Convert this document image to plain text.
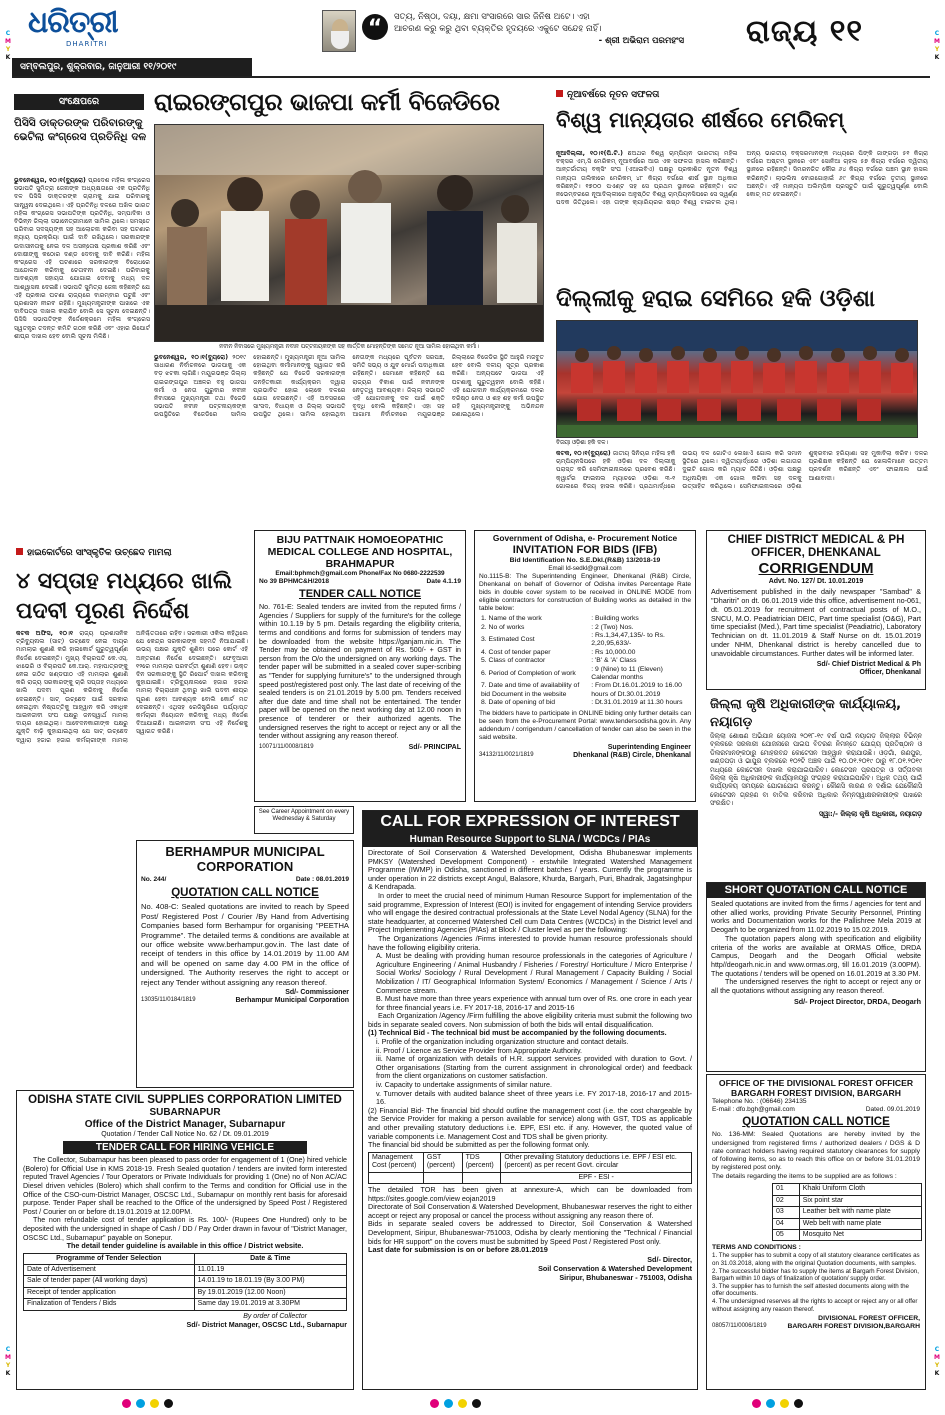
ଧରିତ୍ରୀ
DHARITRI
“	ସତ୍ୟ, ନିଷ୍ଠା, ଦୟା, କ୍ଷମା ସଂସାରରେ ସାର ଜିନିଷ ଅଟେ। ଏହା
ଆଚରଣ କରୁ କରୁ ଥିବା ବ୍ୟକ୍ତିର ହୃଦୟରେ ଏକୁଟେ ସନ୍ଦେହ ନାହିଁ।
- ଶ୍ରୀ ଅଭିରାମ ପରମହଂସ ରାଜ୍ୟ ୧୧
ସମ୍ବଲପୁର, ଶୁକ୍ରବାର, ଜାନୁଆରୀ ୧୧/୨୦୧୯
C
M
Y
K
C
M
Y
K
C
M
Y
K
C
M
Y
K
ସଂକ୍ଷେପରେ
ପିସିସି ଡାକ୍ତରଙ୍କ ପରିବାରଙ୍କୁ ଭେଟିଲା କଂଗ୍ରେସ ପ୍ରତିନିଧି ଦଳ
ଭୁବନେଶ୍ୱର, ୧୦।୧(ବ୍ୟୁରୋ) ପ୍ରଦେଶ ମହିଳା କଂଗ୍ରେସ ସଭାପତି ସୁମିତ୍ରା ଜେନାଙ୍କ ଅଧ୍ୟକ୍ଷତାରେ ଏକ ପ୍ରତିନିଧି ଦଳ ପିସିସି ଡାକ୍ତରଙ୍କ ଗ୍ରାମକୁ ଯାଇ ପରିବାରକୁ ସାନ୍ତ୍ୱନା ଦେଇଥିଲେ। ଏହି ପ୍ରତିନିଧି ଦଳରେ ଅଖିଳ ଭାରତ ମହିଳା କଂଗ୍ରେସ ସଭାପତିଙ୍କ ପ୍ରତିନିଧି, ସମ୍ପାଦିକା ଓ ବିଭିନ୍ନ ଜିଲ୍ଲା ସଭାନେତ୍ରୀମାନେ ସାମିଲ ଥିଲେ। ସମସ୍ତେ ପରିବାର ସଦସ୍ୟଙ୍କ ସହ ଆଲୋଚନା କରିବା ସହ ଘଟଣାର ନ୍ୟାୟ ପ୍ରକ୍ରିୟା ପାଇଁ ଦାବି ରଖିଥିଲେ। ସରକାରଙ୍କ ଉଦାସୀନତାକୁ ନେଇ ଦଳ ଅସନ୍ତୋଷ ପ୍ରକାଶ କରିଛି ଏବଂ ଦୋଷୀଙ୍କୁ କଠୋର ଦଣ୍ଡ ଦେବାକୁ ଦାବି କରିଛି। ମହିଳା କଂଗ୍ରେସ ଏହି ଘଟଣାରେ ସରକାରଙ୍କ ବିରୋଧରେ ଆନ୍ଦୋଳନ କରିବାକୁ ଚେତାବନୀ ଦେଇଛି। ପରିବାରକୁ ଆବଶ୍ୟକ ସହାୟତା ଯୋଗାଇ ଦେବାକୁ ମଧ୍ୟ ଦଳ ଆଶ୍ୱାସନା ଦେଇଛି। ସଭାପତି ସୁମିତ୍ରା ଜେନା କହିଛନ୍ତି ଯେ ଏହି ପ୍ରକାର ଘଟଣା ରାଜ୍ୟରେ ବାରମ୍ବାର ଘଟୁଛି ଏବଂ ପ୍ରଶାସନ ନୀରବ ରହିଛି। ମୁଖ୍ୟମନ୍ତ୍ରୀଙ୍କ ପାଖରେ ଏକ ଦାବିପତ୍ର ଦାଖଲ କରାଯିବ ବୋଲି ସେ ସୂଚନା ଦେଇଛନ୍ତି। ପିସିସି ସଭାପତିଙ୍କ ନିର୍ଦ୍ଦେଶକ୍ରମେ ମହିଳା କଂଗ୍ରେସ ସ୍ୱତନ୍ତ୍ର ତଦନ୍ତ କମିଟି ଗଠନ କରିଛି ଏବଂ ଏହାର ରିପୋର୍ଟ ଶୀଘ୍ର ଦାଖଲ ହେବ ବୋଲି ସୂଚନା ମିଳିଛି।
ରାଇରଙ୍ଗପୁର ଭାଜପା କର୍ମୀ ବିଜେଡିରେ
ନବୀନ ନିବାସରେ ମୁଖ୍ୟମନ୍ତ୍ରୀ ନବୀନ ପଟ୍ଟନାୟକଙ୍କ ସହ କାର୍ତ୍ତିକ ମୋହନ୍ତିଙ୍କ ସମେତ ନୂଆ ସାମିଲ ହୋଇଥିବା କର୍ମୀ।
ଭୁବନେଶ୍ୱର, ୧୦।୧(ବ୍ୟୁରୋ) ୨୦୧୯ ସାଧାରଣ ନିର୍ବାଚନରେ ଭାଜପାକୁ ଏକ ବଡ଼ ଝଟକା ଲାଗିଛି। ମୟୂରଭଞ୍ଜ ଜିଲ୍ଲା ରାଇରଙ୍ଗପୁର ଅଞ୍ଚଳର ବହୁ ଭାଜପା କର୍ମୀ ଓ ନେତା ଗୁରୁବାର ନବୀନ ନିବାସରେ ମୁଖ୍ୟମନ୍ତ୍ରୀ ତଥା ବିଜେଡି ସଭାପତି ନବୀନ ପଟ୍ଟନାୟକଙ୍କ ଉପସ୍ଥିତିରେ ବିଜେଡିରେ ସାମିଲ ହୋଇଛନ୍ତି। ମୁଖ୍ୟମନ୍ତ୍ରୀ ନୂଆ ସାମିଲ ହୋଇଥିବା କର୍ମୀମାନଙ୍କୁ ସ୍ୱାଗତ କରି କହିଛନ୍ତି ଯେ ବିଜେଡି ସରକାରଙ୍କ ଜନହିତକାରୀ କାର୍ଯ୍ୟକ୍ରମ ଦ୍ୱାରା ପ୍ରଭାବିତ ହୋଇ ଲୋକେ ଦଳରେ ଯୋଗ ଦେଉଛନ୍ତି। ଏହି ଅବସରରେ ସାଂସଦ, ବିଧାୟକ ଓ ଜିଲ୍ଲା ସଭାପତି ଉପସ୍ଥିତ ଥିଲେ। ସାମିଲ ହୋଇଥିବା ନେତାଙ୍କ ମଧ୍ୟରେ ପୂର୍ବତନ ସରପଞ୍ଚ, ସମିତି ସଭ୍ୟ ଓ ଯୁବ ମୋର୍ଚ୍ଚା ପଦାଧିକାରୀ ରହିଛନ୍ତି। ସେମାନେ କହିଛନ୍ତି ଯେ ରାଜ୍ୟର ବିକାଶ ପାଇଁ ନବୀନଙ୍କ ନେତୃତ୍ୱ ଆବଶ୍ୟକ। ଜିଲ୍ଲା ସଭାପତି ଏହି ଯୋଗଦାନକୁ ଦଳ ପାଇଁ ଶକ୍ତି ବୃଦ୍ଧି ବୋଲି କହିଛନ୍ତି। ଏହା ସହ ଆଗାମୀ ନିର୍ବାଚନରେ ମୟୂରଭଞ୍ଜ ଜିଲ୍ଲାରେ ବିଜେଡିର ସ୍ଥିତି ଆହୁରି ମଜବୁତ ହେବ ବୋଲି ଦଳୀୟ ସୂତ୍ର ପ୍ରକାଶ କରିଛି। ଅନ୍ୟପଟେ ଭାଜପା ଏହି ଘଟଣାକୁ ଗୁରୁତ୍ୱହୀନ ବୋଲି କହିଛି। ଏହି ଯୋଗଦାନ କାର୍ଯ୍ୟକ୍ରମରେ ଦଳର ବରିଷ୍ଠ ନେତା ଓ ଶହ ଶହ କର୍ମୀ ଉପସ୍ଥିତ ରହି ମୁଖ୍ୟମନ୍ତ୍ରୀଙ୍କୁ ଅଭିନନ୍ଦନ ଜଣାଇଥିଲେ।
ନୂଆବର୍ଷରେ ନୂତନ ସଫଳତା
ବିଶ୍ୱ ମାନ୍ୟତାର ଶୀର୍ଷରେ ମେରିକମ୍
ନୂଆଦିଲ୍ଲୀ, ୧୦।୧(ପି.ଟି.) ଛଅଥର ବିଶ୍ୱ ଚାମ୍ପିୟନ ଭାରତୀୟ ମହିଳା ବକ୍ସର ଏମ୍.ସି ମେରିକମ୍ ନୂଆବର୍ଷରେ ଆଉ ଏକ ସଫଳତା ହାସଲ କରିଛନ୍ତି। ଆନ୍ତର୍ଜାତୀୟ ବକ୍ସିଂ ସଂଘ (ଏଆଇବିଏ) ପକ୍ଷରୁ ପ୍ରକାଶିତ ନୂତନ ବିଶ୍ୱ ମାନ୍ୟତା ତାଲିକାରେ ମେରିକମ୍ ୪୮ କିଗ୍ରା ବର୍ଗରେ ଶୀର୍ଷ ସ୍ଥାନ ଅଧିକାର କରିଛନ୍ତି। ୧୭୦୦ ପଏଣ୍ଟ ସହ ସେ ପ୍ରଥମ ସ୍ଥାନରେ ରହିଛନ୍ତି। ଗତ ନଭେମ୍ବରରେ ନୂଆଦିଲ୍ଲୀରେ ଅନୁଷ୍ଠିତ ବିଶ୍ୱ ଚାମ୍ପିୟନସିପରେ ସେ ସ୍ୱର୍ଣ୍ଣ ପଦକ ଜିତିଥିଲେ। ଏହା ତାଙ୍କ କ୍ୟାରିୟରର ଷଷ୍ଠ ବିଶ୍ୱ ଟାଇଟଲ ଥିଲା। ଅନ୍ୟ ଭାରତୀୟ ବକ୍ସରମାନଙ୍କ ମଧ୍ୟରେ ପିଙ୍କି ଜାଙ୍ଗଡ଼ା ୫୧ କିଗ୍ରା ବର୍ଗରେ ଅଷ୍ଟମ ସ୍ଥାନରେ ଏବଂ ସୋନିଆ ଚାହଲ ୫୭ କିଗ୍ରା ବର୍ଗରେ ଦ୍ୱିତୀୟ ସ୍ଥାନରେ ରହିଛନ୍ତି। ସିମରନଜିତ କୌର ୬୪ କିଗ୍ରା ବର୍ଗରେ ପଞ୍ଚମ ସ୍ଥାନ ହାସଲ କରିଛନ୍ତି। ଲାଭଲିନା ବୋରଗୋହାଇଁ ୬୯ କିଗ୍ରା ବର୍ଗରେ ତୃତୀୟ ସ୍ଥାନରେ ଅଛନ୍ତି। ଏହି ମାନ୍ୟତା ଅଲିମ୍ପିକ ପ୍ରସ୍ତୁତି ପାଇଁ ଗୁରୁତ୍ୱପୂର୍ଣ୍ଣ ବୋଲି କୋଚ୍ ମତ ଦେଇଛନ୍ତି।
ଦିଲ୍ଲୀକୁ ହରାଇ ସେମିରେ ହକି ଓଡ଼ିଶା
ବିଜୟୀ ଓଡ଼ିଶା ହକି ଦଳ।
କଟକ, ୧୦।୧(ବ୍ୟୁରୋ) ଜାତୀୟ ସିନିୟର ମହିଳା ହକି ଚାମ୍ପିୟନସିପରେ ହକି ଓଡ଼ିଶା ଦଳ ଦିଲ୍ଲୀକୁ ପରାସ୍ତ କରି ସେମିଫାଇନାଲରେ ପ୍ରବେଶ କରିଛି। କ୍ୱାର୍ଟର ଫାଇନାଲ ମ୍ୟାଚରେ ଓଡ଼ିଶା ୩-୧ ଗୋଲରେ ବିଜୟ ହାସଲ କରିଛି। ପ୍ରଥମାର୍ଦ୍ଧରେ ଉଭୟ ଦଳ ଗୋଟିଏ ଲେଖାଏଁ ଗୋଲ କରି ସମାନ ସ୍ଥିତିରେ ଥିଲେ। ଦ୍ୱିତୀୟାର୍ଦ୍ଧରେ ଓଡ଼ିଶା ଲଗାତାର ଦୁଇଟି ଗୋଲ କରି ମ୍ୟାଚ ଜିତିଛି। ଓଡ଼ିଶା ପକ୍ଷରୁ ଅଧିନାୟିକା ଏକ ଗୋଲ କରିବା ସହ ଦଳକୁ ଉତ୍ସାହିତ କରିଥିଲେ। ସେମିଫାଇନାଲରେ ଓଡ଼ିଶା ଶୁକ୍ରବାର ହରିୟାଣା ସହ ମୁକାବିଲା କରିବ। ଦଳର ପ୍ରଶିକ୍ଷକ କହିଛନ୍ତି ଯେ ଖେଳାଳିମାନେ ଉତ୍ତମ ପ୍ରଦର୍ଶନ କରିଛନ୍ତି ଏବଂ ଫାଇନାଲ ପାଇଁ ଆଶାବାଦୀ।
ହାଇକୋର୍ଟରେ ସାଂସ୍କୃତିକ ଉଚ୍ଛେଦ ମାମଲା
୪ ସପ୍ତାହ ମଧ୍ୟରେ ଖାଲି ପଦବୀ ପୂରଣ ନିର୍ଦ୍ଦେଶ
କଟକ ଅଫିସ, ୧୦।୧ ରାଜ୍ୟ ପ୍ରଶାସନିକ ଟ୍ରିବ୍ୟୁନାଲ (ସାଟ୍) ଉଚ୍ଛେଦ ନେଇ ଦାୟର ମାମଲାର ଶୁଣାଣି କରି ହାଇକୋର୍ଟ ଗୁରୁତ୍ୱପୂର୍ଣ୍ଣ ନିର୍ଦ୍ଦେଶ ଦେଇଛନ୍ତି। ମୁଖ୍ୟ ବିଚାରପତି କେ.ଏସ୍. ଝାଭେରି ଓ ବିଚାରପତି କେ.ଆର୍. ମହାପାତ୍ରଙ୍କୁ ନେଇ ଗଠିତ ଖଣ୍ଡପୀଠ ଏହି ମାମଲାର ଶୁଣାଣି କରି ରାଜ୍ୟ ସରକାରଙ୍କୁ ଚାରି ସପ୍ତାହ ମଧ୍ୟରେ ଖାଲି ପଦବୀ ପୂରଣ କରିବାକୁ ନିର୍ଦ୍ଦେଶ ଦେଇଛନ୍ତି। ସାଟ୍ ଉଚ୍ଛେଦ ପାଇଁ ସରକାର ନେଇଥିବା ନିଷ୍ପତ୍ତିକୁ ଆହ୍ୱାନ କରି ଏକାଧିକ ଆଇନଜୀବୀ ସଂଘ ପକ୍ଷରୁ ଜନସ୍ୱାର୍ଥ ମାମଲା ଦାୟର ହୋଇଥିଲା। ଆବେଦନକାରୀଙ୍କ ପକ୍ଷରୁ ଯୁକ୍ତି ବାଢ଼ି କୁହାଯାଇଥିଲା ଯେ ସାଟ୍ ଉଚ୍ଛେଦ ଦ୍ୱାରା ହଜାର ହଜାର କର୍ମଚାରୀଙ୍କ ମାମଲା ଅନିଶ୍ଚିତତାରେ ରହିବ। ସରକାରୀ ଓକିଲ କହିଥିଲେ ଯେ କେନ୍ଦ୍ର ସରକାରଙ୍କ ସହମତି ନିଆଯାଇଛି। ଉଭୟ ପକ୍ଷର ଯୁକ୍ତି ଶୁଣିବା ପରେ କୋର୍ଟ ଏହି ଅନ୍ତରୀଣ ନିର୍ଦ୍ଦେଶ ଦେଇଛନ୍ତି। ଫେବୃଆରୀ ୧୨ରେ ମାମଲାର ପରବର୍ତ୍ତୀ ଶୁଣାଣି ହେବ। ଉକ୍ତ ଦିନ ସରକାରଙ୍କୁ ସ୍ଥିତି ରିପୋର୍ଟ ଦାଖଲ କରିବାକୁ କୁହାଯାଇଛି। ଟ୍ରିବ୍ୟୁନାଲରେ ହଜାର ହଜାର ମାମଲା ବିଚାରାଧୀନ ଥିବାରୁ ଖାଲି ପଦବୀ ଶୀଘ୍ର ପୂରଣ ହେବା ଆବଶ୍ୟକ ବୋଲି କୋର୍ଟ ମତ ଦେଇଛନ୍ତି। ଏଥିସହ ରେଜିଷ୍ଟ୍ରିରେ ପର୍ଯ୍ୟାପ୍ତ କର୍ମଚାରୀ ନିୟୋଜନ କରିବାକୁ ମଧ୍ୟ ନିର୍ଦ୍ଦେଶ ଦିଆଯାଇଛି। ଆଇନଜୀବୀ ସଂଘ ଏହି ନିର୍ଦ୍ଦେଶକୁ ସ୍ୱାଗତ କରିଛି।
BIJU PATTNAIK HOMOEOPATHIC MEDICAL COLLEGE AND HOSPITAL, BRAHMAPUR
Email:bphmch@gmail.com Phone/Fax No 0680-2222539
No 39 BPHMC&H/2018	Date 4.1.19
TENDER CALL NOTICE
No. 761-E: Sealed tenders are invited from the reputed firms / Agencies / Suppliers for supply of the furniture's for the college within 10.1.19 by 5 pm. Details regarding the eligibility criteria, terms and conditions and forms for submission of tenders may be downloaded from the website https://ganjam.nic.in. The Tender may be obtained on payment of Rs. 500/- + GST in person from the O/o the undersigned on any working days. The tender paper will be submitted in a sealed cover super-scribing as "Tender for supplying furniture's" to the undersigned through speed post/registered post only. The last date of receiving of the sealed tenders is on 21.01.2019 by 5.00 pm. Tenders received after due date and time shall not be entertained. The tender paper will be opened on the next working day at 12.00 noon in presence of tenderer or their authorized agents. The undersigned reserves the right to accept or reject any or all the tender without assigning any reason thereof.
10071/11/0008/1819	Sd/- PRINCIPAL
Government of Odisha, e- Procurement Notice
INVITATION FOR BIDS (IFB)
Bid Identification No. S.E.Dkl.(R&B) 13/2018-19
Email Id-sedkl@gmail.com
No.1115-B: The Superintending Engineer, Dhenkanal (R&B) Circle, Dhenkanal on behalf of Governor of Odisha invites Percentage Rate bids in double cover system to be received in ONLINE MODE from eligible contractors for construction of Building works as detailed in the table below:
1. Name of the work	: Building works
2. No of works	: 2 (Two) Nos.
3. Estimated Cost	: Rs.1,34,47,135/- to Rs. 2,20,95,633/-
4. Cost of tender paper	: Rs 10,000.00
5. Class of contractor	: 'B' & 'A' Class
6. Period of Completion of work	: 9 (Nine) to 11 (Eleven) Calendar months
7. Date and time of availability of bid Document in the website	: From Dt.16.01.2019 to 16.00 hours of Dt.30.01.2019
8. Date of opening of bid	: Dt.31.01.2019 at 11.30 hours
The bidders have to participate in ONLINE biding only further details can be seen from the e-Procurement Portal: www.tendersodisha.gov.in. Any addendum / corrigendum / cancellation of tender can also be seen in the said website.
Superintending Engineer
34132/11/0021/1819	Dhenkanal (R&B) Circle, Dhenkanal
CHIEF DISTRICT MEDICAL & PH OFFICER, DHENKANAL
CORRIGENDUM
Advt. No. 127/ Dt. 10.01.2019
Advertisement published in the daily newspaper "Sambad" & "Dharitri" on dt. 06.01.2019 vide this office, advertisement no-061, dt. 05.01.2019 for recruitment of contractual posts of M.O., SNCU, M.O. Peadiatrician DEIC, Part time specialist (O&G), Part time specialist (Med.), Part time specialist (Peadiatric), Laboratory Technician on dt. 11.01.2019 & Staff Nurse on dt. 15.01.2019 under NHM, Dhenkanal district is hereby cancelled due to unavoidable circumstances. Further dates will be informed later.
Sd/- Chief District Medical & Ph Officer, Dhenkanal
ଜିଲ୍ଲା କୃଷି ଅଧିକାରୀଙ୍କ କାର୍ଯ୍ୟାଳୟ, ନୟାଗଡ଼
ଜିଲ୍ଲା ଶୋଷଣ ଅଭିଯାନ ୟୋଜନା ୨୦୧୮-୧୯ ବର୍ଷ ପାଇଁ ନୟାଗଡ଼ ଜିଲ୍ଲାର ବିଭିନ୍ନ ବ୍ଲକରେ ସରକାରୀ ଯୋଜନାରେ ପାଇପ ବିତରଣ ନିମନ୍ତେ ଯୋଗ୍ୟ ପ୍ରତିଷ୍ଠାନ ଓ ଡିଲରମାନଙ୍କଠାରୁ ମୋହରବନ୍ଦ କୋଟେସନ ଆହ୍ୱାନ କରାଯାଉଛି। ଓଡ଼ଗାଁ, ରଣପୁର, ଖଣ୍ଡପଡ଼ା ଓ ଭାପୁର ବ୍ଲକରେ ୧୦୨ଟି ଅଞ୍ଚଳ ପାଇଁ ୧୦.୦୧.୨୦୧୯ ଠାରୁ ୧୮.୦୧.୨୦୧୯ ମଧ୍ୟରେ କୋଟେସନ ଦାଖଲ କରାଯାଇପାରିବ। କୋଟେସନ ପ୍ରପତ୍ର ଓ ସର୍ତ୍ତାବଳୀ ଜିଲ୍ଲା କୃଷି ଅଧିକାରୀଙ୍କ କାର୍ଯ୍ୟାଳୟରୁ ସଂଗ୍ରହ କରାଯାଇପାରିବ। ଅଧିକ ତଥ୍ୟ ପାଇଁ କାର୍ଯ୍ୟାଳୟ ସମୟରେ ଯୋଗାଯୋଗ କରନ୍ତୁ। କୌଣସି କାରଣ ନ ଦର୍ଶାଇ ଯେକୌଣସି କୋଟେସନ ଗ୍ରହଣ ବା ବାତିଲ କରିବାର ଅଧିକାର ନିମ୍ନସ୍ୱାକ୍ଷରକାରୀଙ୍କ ପାଖରେ ସଂରକ୍ଷିତ।
ସ୍ୱା:/- ଜିଲ୍ଲା କୃଷି ଅଧିକାରୀ, ନୟାଗଡ଼
SHORT QUOTATION CALL NOTICE
Sealed quotations are invited from the firms / agencies for tent and other allied works, providing Private Security Personnel, Printing works and Documentation works for the Pallishree Mela 2019 at Deogarh to be organized from 11.02.2019 to 15.02.2019.
The quotation papers along with specification and eligibility criteria of the works are available at ORMAS Office, DRDA Campus, Deogarh and the Deogarh Official website http//deogarh.nic.in and www.ormas.org, till 16.01.2019 (3.00PM). The quotations / tenders will be opened on 16.01.2019 at 3.30 PM.
The undersigned reserves the right to accept or reject any or all the quotations without assigning any reason thereof.
Sd/- Project Director, DRDA, Deogarh
OFFICE OF THE DIVISIONAL FOREST OFFICER
BARGARH FOREST DIVISION, BARGARH
Telephone No. : (06646) 234135
E-mail : dfo.bgh@gmail.com	Dated. 09.01.2019
QUOTATION CALL NOTICE
No. 136-MM: Sealed Quotations are hereby invited by the undersigned from registered firms / authorized dealers / DGS & D rate contract holders having required statutory clearances for supply of following items, so as to reach this office on or before 31.01.2019 by registered post only.
The details regarding the items to be supplied are as follows :
01	Khaki Uniform Cloth
02	Six point star
03	Leather belt with name plate
04	Web belt with name plate
05	Mosquito Net
TERMS AND CONDITIONS :
1. The supplier has to submit a copy of all statutory clearance certificates as on 31.03.2018, along with the original Quotation documents, with samples.
2. The successful bidder has to supply the items at Bargarh Forest Division, Bargarh within 10 days of finalization of quotation/ supply order.
3. The supplier has to furnish the self attested documents along with the offer documents.
4. The undersigned reserves all the rights to accept or reject any or all offer without assigning any reason thereof.
DIVISIONAL FOREST OFFICER,
08057/11/0006/1819	BARGARH FOREST DIVISION,BARGARH
See Career Appointment on every Wednesday & Saturday
BERHAMPUR MUNICIPAL CORPORATION
No. 244/	Date : 08.01.2019
QUOTATION CALL NOTICE
No. 408-C: Sealed quotations are invited to reach by Speed Post/ Registered Post / Courier /By Hand from Advertising Companies based form Berhampur for organising "PEETHA Programme". The detailed terms & conditions are available at our office website www.berhampur.gov.in. The last date of receipt of tenders in this office by 14.01.2019 by 11.00 AM and will be opened on same day 4.00 PM in the office of undersigned. The Authority reserves the right to accept or reject any Tender without assigning any reason thereof.
Sd/- Commissioner
13035/11/0184/1819	Berhampur Municipal Corporation
CALL FOR EXPRESSION OF INTEREST
Human Resource Support to SLNA / WCDCs / PIAs
Directorate of Soil Conservation & Watershed Development, Odisha Bhubaneswar implements PMKSY (Watershed Development Component) - erstwhile Integrated Watershed Management Programme (IWMP) in Odisha, sanctioned in different batches / years. Currently the programme is under operation in 22 districts except Angul, Balasore, Khurda, Bargarh, Puri, Bhadrak, Jagatsinghpur & Kendrapada.
In order to meet the crucial need of minimum Human Resource Support for implementation of the said programme, Expression of Interest (EOI) is invited for engagement of intending Service providers who will engage the desired contractual professionals at the State Level Nodal Agency (SLNA) for the state headquarter, at concerned Watershed Cell cum Data Centres (WCDCs) in the District level and Project Implementing Agencies (PIAs) at Block / Cluster level as per the following:
The Organizations /Agencies /Firms interested to provide human resource professionals should have the following eligibility criteria.
A. Must be dealing with providing human resource professionals in the categories of Agriculture / Agriculture Engineering / Animal Husbandry / Fisheries / Forestry/ Horticulture / Micro Enterprise / Social Works/ Sociology / Rural Development / Rural Management / Capacity Building / Social Mobilization / IT/ Geographical Information System/ Economics / Management / Science / Arts / Commerce stream.
B. Must have more than three years experience with annual turn over of Rs. one crore in each year for three financial years i.e. FY 2017-18, 2016-17 and 2015-16
Each Organization /Agency /Firm fulfilling the above eligibility criteria must submit the following two bids in separate sealed covers. Non submission of both the bids will entail disqualification.
(1) Technical Bid - The technical bid must be accompanied by the following documents.
i. Profile of the organization including organization structure and contact details.
ii. Proof / Licence as Service Provider from Appropriate Authority.
iii. Name of organization with details of H.R. support services provided with duration to Govt. / Other organisations (Starting from the current assignment in chronological order) and feedback from the client organizations on customer satisfaction.
iv. Capacity to undertake assignments of similar nature.
v. Turnover details with audited balance sheet of three years i.e. FY 2017-18, 2016-17 and 2015-16.
(2) Financial Bid- The financial bid should outline the management cost (i.e. the cost chargeable by the Service Provider for making a person available for service) along with GST, TDS as applicable and other prevailing statutory deductions i.e. EPF, ESI etc. if any. However, the quoted value of variable components i.e. Management Cost and TDS shall be given priority.
The financial bid should be submitted as per the following format only.
Management Cost (percent)	GST (percent)	TDS (percent)	Other prevailing Statutory deductions i.e. EPF / ESI etc. (percent) as per recent Govt. circular
			EPF - ESI -
The detailed TOR has been given at annexure-A, which can be downloaded from https://sites.google.com/view eojan2019
Directorate of Soil Conservation & Watershed Development, Bhubaneswar reserves the right to either accept or reject any proposal or cancel the process without assigning any reason there of.
Bids in separate sealed covers be addressed to Director, Soil Conservation & Watershed Development, Siripur, Bhubaneswar-751003, Odisha by clearly mentioning the "Technical / Financial bids for HR support" on the covers must be submitted by Speed Post / Registered Post only.
Last date for submission is on or before 28.01.2019
Sd/- Director,
Soil Conservation & Watershed Development
Siripur, Bhubaneswar - 751003, Odisha
ODISHA STATE CIVIL SUPPLIES CORPORATION LIMITED
SUBARNAPUR
Office of the District Manager, Subarnapur
Quotation / Tender Call Notice No. 62 / Dt. 09.01.2019
TENDER CALL FOR HIRING VEHICLE
The Collector, Subarnapur has been pleased to pass order for engagement of 1 (One) hired vehicle (Bolero) for Official Use in KMS 2018-19. Fresh Sealed quotation / tenders are invited form interested reputed Travel Agencies / Tour Operators or Private Individuals for providing 1 (One) no of Non AC/AC Diesel driven vehicles (Bolero) which shall confirm to the Terms and condition for Official use in the Office of the CSO-cum-District Manager, OSCSC Ltd., Subarnapur on monthly rent basis for aforesaid purpose. Tender Paper shall be reached to the Office of the undersigned by Speed Post / Registered Post / Courier on or before dt.19.01.2019 at 12.00PM.
The non refundable cost of tender application is Rs. 100/- (Rupees One Hundred) only to be deposited with the undersigned in shape of Cash / DD / Pay Order drawn in favour of "District Manager, OSCSC Ltd., Subarnapur" payable on Sonepur.
The detail tender guideline is available in this office / District website.
Programme of Tender Selection	Date & Time
Date of Advertisement	11.01.19
Sale of tender paper (All working days)	14.01.19 to 18.01.19 (By 3.00 PM)
Receipt of tender application	By 19.01.2019 (12.00 Noon)
Finalization of Tenders / Bids	Same day 19.01.2019 at 3.30PM
By order of Collector
Sd/- District Manager, OSCSC Ltd., Subarnapur
